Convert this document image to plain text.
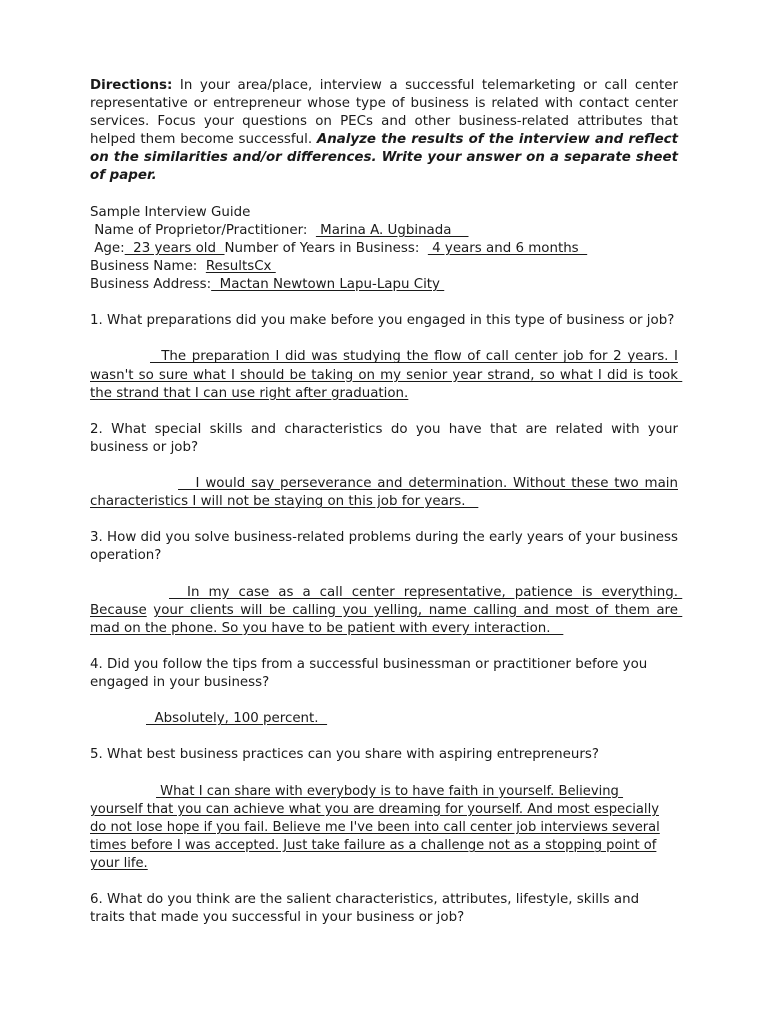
Directions: In your area/place, interview a successful telemarketing or call center representative or entrepreneur whose type of business is related with contact center services. Focus your questions on PECs and other business-related attributes that helped them become successful. Analyze the results of the interview and reflect on the similarities and/or differences. Write your answer on a separate sheet of paper.

Sample Interview Guide

Name of Proprietor/Practitioner:   Marina A. Ugbinada

Age:  23 years old  Number of Years in Business:   4 years and 6 months

Business Name:  ResultsCx

Business Address:  Mactan Newtown Lapu-Lapu City

1. What preparations did you make before you engaged in this type of business or job?

The preparation I did was studying the flow of call center job for 2 years. I wasn't so sure what I should be taking on my senior year strand, so what I did is took the strand that I can use right after graduation.

2. What special skills and characteristics do you have that are related with your business or job?

I would say perseverance and determination. Without these two main characteristics I will not be staying on this job for years.

3. How did you solve business-related problems during the early years of your business operation?

In my case as a call center representative, patience is everything. Because your clients will be calling you yelling, name calling and most of them are mad on the phone. So you have to be patient with every interaction.

4. Did you follow the tips from a successful businessman or practitioner before you engaged in your business?

Absolutely, 100 percent.

5. What best business practices can you share with aspiring entrepreneurs?

What I can share with everybody is to have faith in yourself. Believing
yourself that you can achieve what you are dreaming for yourself. And most especially
do not lose hope if you fail. Believe me I've been into call center job interviews several
times before I was accepted. Just take failure as a challenge not as a stopping point of
your life.

6. What do you think are the salient characteristics, attributes, lifestyle, skills and traits that made you successful in your business or job?
